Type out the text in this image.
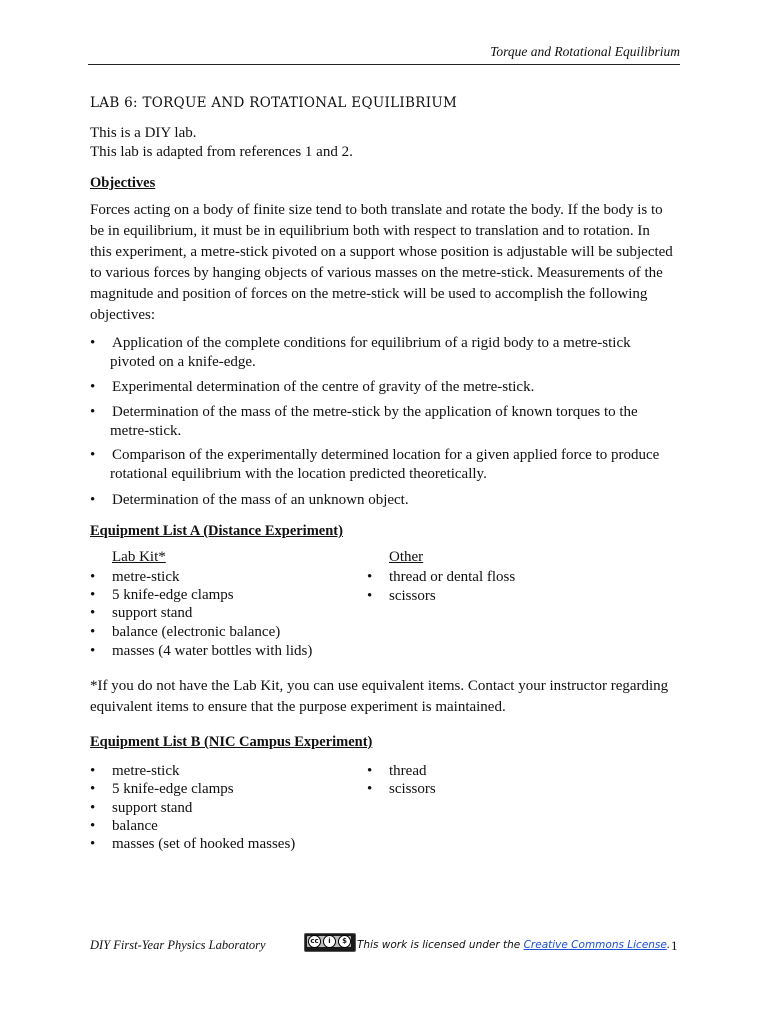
Torque and Rotational Equilibrium
LAB 6: TORQUE AND ROTATIONAL EQUILIBRIUM
This is a DIY lab.
This lab is adapted from references 1 and 2.
Objectives
Forces acting on a body of finite size tend to both translate and rotate the body. If the body is to
be in equilibrium, it must be in equilibrium both with respect to translation and to rotation. In
this experiment, a metre-stick pivoted on a support whose position is adjustable will be subjected
to various forces by hanging objects of various masses on the metre-stick. Measurements of the
magnitude and position of forces on the metre-stick will be used to accomplish the following
objectives:
•	Application of the complete conditions for equilibrium of a rigid body to a metre-stick
pivoted on a knife-edge.
•	Experimental determination of the centre of gravity of the metre-stick.
•	Determination of the mass of the metre-stick by the application of known torques to the
metre-stick.
•	Comparison of the experimentally determined location for a given applied force to produce
rotational equilibrium with the location predicted theoretically.
•	Determination of the mass of an unknown object.
Equipment List A (Distance Experiment)
Lab Kit*	Other
•	metre-stick
•	5 knife-edge clamps
•	support stand
•	balance (electronic balance)
•	masses (4 water bottles with lids)
•	thread or dental floss
•	scissors
*If you do not have the Lab Kit, you can use equivalent items. Contact your instructor regarding
equivalent items to ensure that the purpose experiment is maintained.
Equipment List B (NIC Campus Experiment)
•	metre-stick
•	5 knife-edge clamps
•	support stand
•	balance
•	masses (set of hooked masses)
•	thread
•	scissors
DIY First-Year Physics Laboratory	cc	i	$ This work is licensed under the Creative Commons License. 1
